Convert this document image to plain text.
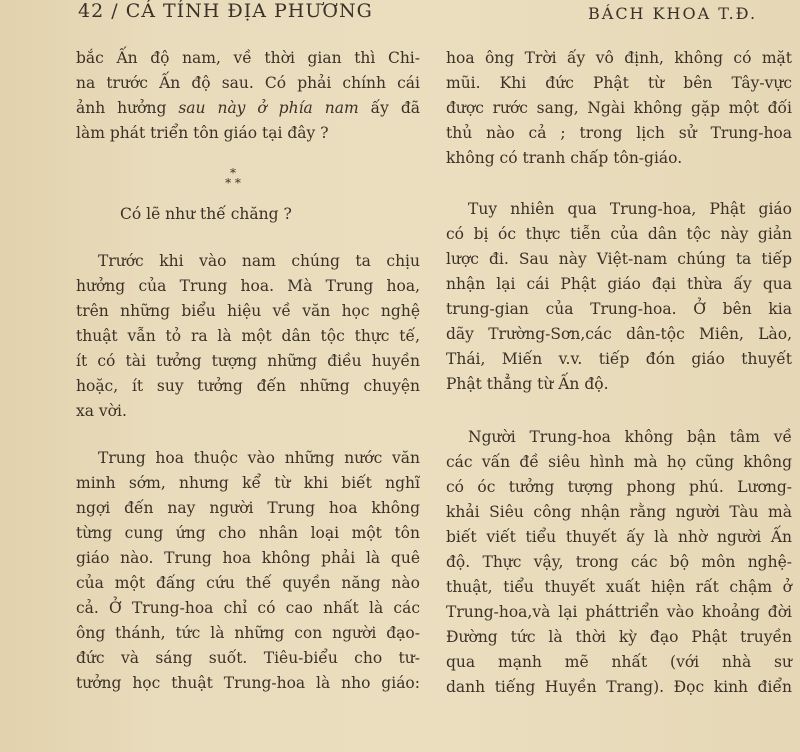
42 / CÁ TÍNH ĐỊA PHƯƠNG	BÁCH KHOA T.Đ.
bắc Ấn độ nam, về thời gian thì Chi-
na trước Ấn độ sau. Có phải chính cái
ảnh hưởng sau này ở phía nam ấy đã
làm phát triển tôn giáo tại đây ?
*
* *
Có lẽ như thế chăng ?
Trước khi vào nam chúng ta chịu
hưởng của Trung hoa. Mà Trung hoa,
trên những biểu hiệu về văn học nghệ
thuật vẫn tỏ ra là một dân tộc thực tế,
ít có tài tưởng tượng những điều huyền
hoặc, ít suy tưởng đến những chuyện
xa vời.
Trung hoa thuộc vào những nước văn
minh sớm, nhưng kể từ khi biết nghĩ
ngợi đến nay người Trung hoa không
từng cung ứng cho nhân loại một tôn
giáo nào. Trung hoa không phải là quê
của một đấng cứu thế quyền năng nào
cả. Ở Trung-hoa chỉ có cao nhất là các
ông thánh, tức là những con người đạo-
đức và sáng suốt. Tiêu-biểu cho tư-
tưởng học thuật Trung-hoa là nho giáo:
hoa ông Trời ấy vô định, không có mặt
mũi. Khi đức Phật từ bên Tây-vực
được rước sang, Ngài không gặp một đối
thủ nào cả ; trong lịch sử Trung-hoa
không có tranh chấp tôn-giáo.
Tuy nhiên qua Trung-hoa, Phật giáo
có bị óc thực tiễn của dân tộc này giản
lược đi. Sau này Việt-nam chúng ta tiếp
nhận lại cái Phật giáo đại thừa ấy qua
trung-gian của Trung-hoa. Ở bên kia
dãy Trường-Sơn,các dân-tộc Miên, Lào,
Thái, Miến v.v. tiếp đón giáo thuyết
Phật thẳng từ Ấn độ.
Người Trung-hoa không bận tâm về
các vấn đề siêu hình mà họ cũng không
có óc tưởng tượng phong phú. Lương-
khải Siêu công nhận rằng người Tàu mà
biết viết tiểu thuyết ấy là nhờ người Ấn
độ. Thực vậy, trong các bộ môn nghệ-
thuật, tiểu thuyết xuất hiện rất chậm ở
Trung-hoa,và lại pháttriển vào khoảng đời
Đường tức là thời kỳ đạo Phật truyền
qua mạnh mẽ nhất (với nhà sư
danh tiếng Huyền Trang). Đọc kinh điển
